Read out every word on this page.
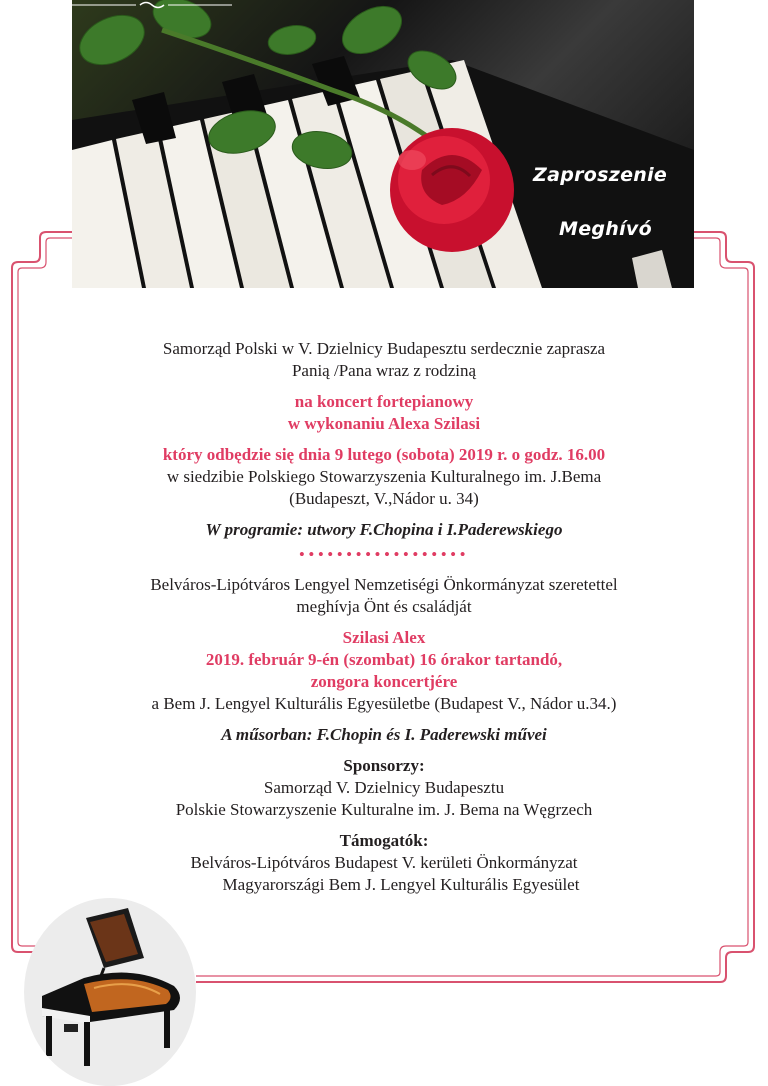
Zaproszenie
Meghívó
Samorząd Polski w V. Dzielnicy Budapesztu serdecznie zaprasza
Panią /Pana wraz z rodziną
na koncert fortepianowy
w wykonaniu Alexa Szilasi
który odbędzie się dnia 9 lutego (sobota) 2019 r. o godz. 16.00
w siedzibie Polskiego Stowarzyszenia Kulturalnego im. J.Bema
(Budapeszt, V.,Nádor u. 34)
W programie: utwory F.Chopina i I.Paderewskiego
••••••••••••••••••
Belváros-Lipótváros Lengyel Nemzetiségi Önkormányzat szeretettel
meghívja Önt és családját
Szilasi Alex
2019. február 9-én (szombat) 16 órakor tartandó,
zongora koncertjére
a Bem J. Lengyel Kulturális Egyesületbe (Budapest V., Nádor u.34.)
A műsorban: F.Chopin és I. Paderewski művei
Sponsorzy:
Samorząd V. Dzielnicy Budapesztu
Polskie Stowarzyszenie Kulturalne im. J. Bema na Węgrzech
Támogatók:
Belváros-Lipótváros Budapest V. kerületi Önkormányzat
Magyarországi Bem J. Lengyel Kulturális Egyesület
